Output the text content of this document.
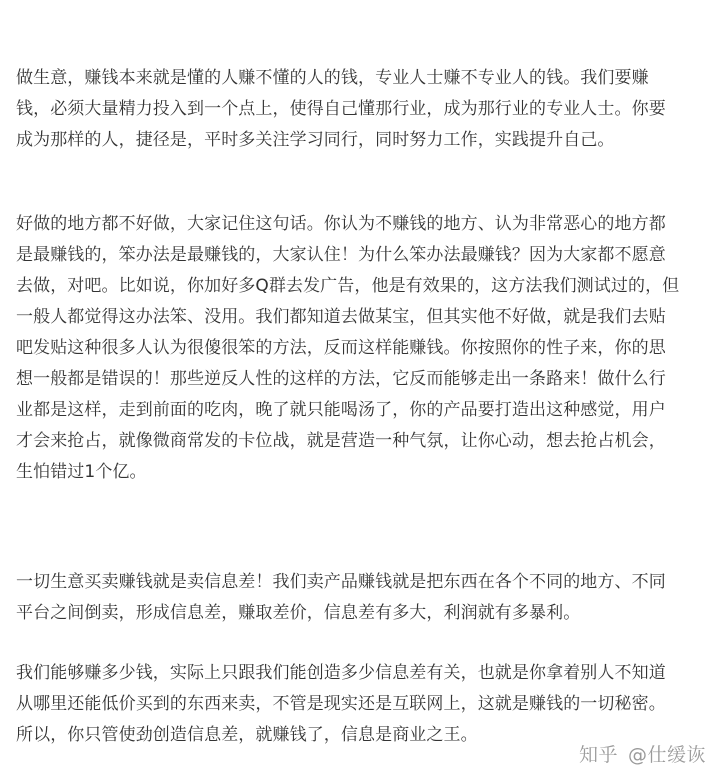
做生意，赚钱本来就是懂的人赚不懂的人的钱，专业人士赚不专业人的钱。我们要赚
钱，必须大量精力投入到一个点上，使得自己懂那行业，成为那行业的专业人士。你要
成为那样的人，捷径是，平时多关注学习同行，同时努力工作，实践提升自己。

好做的地方都不好做，大家记住这句话。你认为不赚钱的地方、认为非常恶心的地方都
是最赚钱的，笨办法是最赚钱的，大家认住！为什么笨办法最赚钱？因为大家都不愿意
去做，对吧。比如说，你加好多Q群去发广告，他是有效果的，这方法我们测试过的，但
一般人都觉得这办法笨、没用。我们都知道去做某宝，但其实他不好做，就是我们去贴
吧发贴这种很多人认为很傻很笨的方法，反而这样能赚钱。你按照你的性子来，你的思
想一般都是错误的！那些逆反人性的这样的方法，它反而能够走出一条路来！做什么行
业都是这样，走到前面的吃肉，晚了就只能喝汤了，你的产品要打造出这种感觉，用户
才会来抢占，就像微商常发的卡位战，就是营造一种气氛，让你心动，想去抢占机会，
生怕错过1个亿。

一切生意买卖赚钱就是卖信息差！我们卖产品赚钱就是把东西在各个不同的地方、不同
平台之间倒卖，形成信息差，赚取差价，信息差有多大，利润就有多暴利。

我们能够赚多少钱，实际上只跟我们能创造多少信息差有关，也就是你拿着别人不知道
从哪里还能低价买到的东西来卖，不管是现实还是互联网上，这就是赚钱的一切秘密。
所以，你只管使劲创造信息差，就赚钱了，信息是商业之王。

知乎 @仕缓诙
